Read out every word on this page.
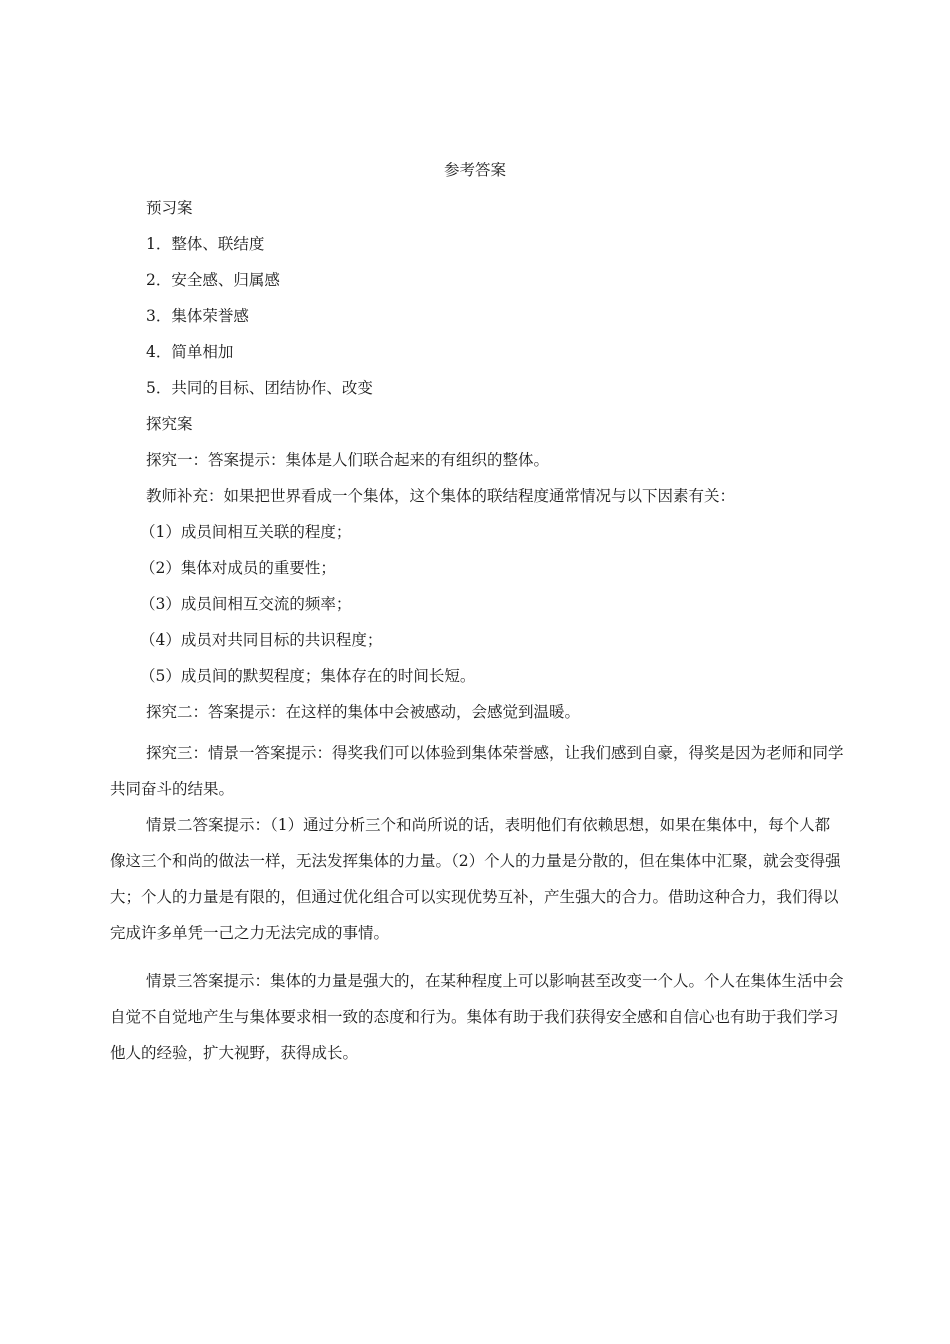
参考答案
预习案
1．整体、联结度
2．安全感、归属感
3．集体荣誉感
4．简单相加
5．共同的目标、团结协作、改变
探究案
探究一：答案提示：集体是人们联合起来的有组织的整体。
教师补充：如果把世界看成一个集体，这个集体的联结程度通常情况与以下因素有关：
（1）成员间相互关联的程度；
（2）集体对成员的重要性；
（3）成员间相互交流的频率；
（4）成员对共同目标的共识程度；
（5）成员间的默契程度；集体存在的时间长短。
探究二：答案提示：在这样的集体中会被感动，会感觉到温暖。
探究三：情景一答案提示：得奖我们可以体验到集体荣誉感，让我们感到自豪，得奖是因为老师和同学共同奋斗的结果。
情景二答案提示：（1）通过分析三个和尚所说的话，表明他们有依赖思想，如果在集体中，每个人都像这三个和尚的做法一样，无法发挥集体的力量。（2）个人的力量是分散的，但在集体中汇聚，就会变得强大；个人的力量是有限的，但通过优化组合可以实现优势互补，产生强大的合力。借助这种合力，我们得以完成许多单凭一己之力无法完成的事情。
情景三答案提示：集体的力量是强大的，在某种程度上可以影响甚至改变一个人。个人在集体生活中会自觉不自觉地产生与集体要求相一致的态度和行为。集体有助于我们获得安全感和自信心也有助于我们学习他人的经验，扩大视野，获得成长。
